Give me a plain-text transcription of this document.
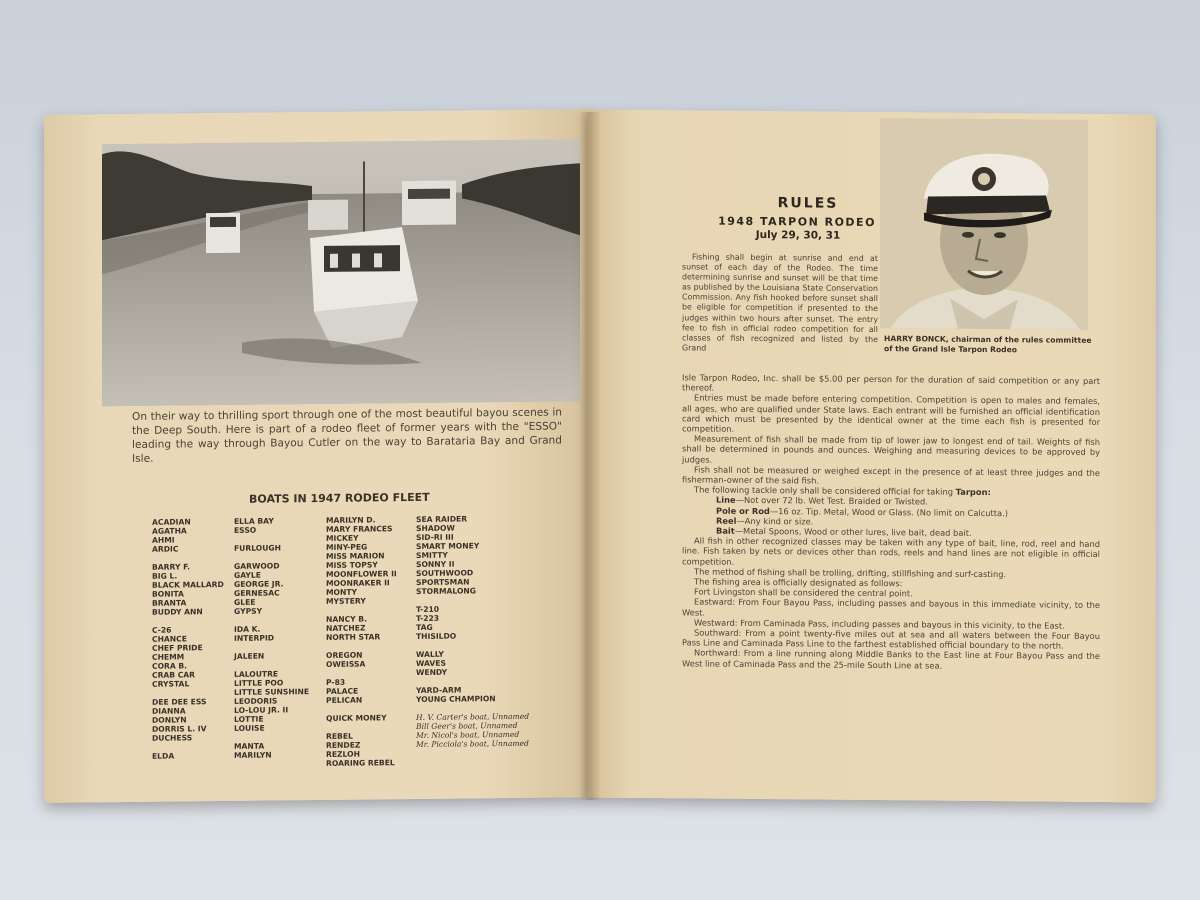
On their way to thrilling sport through one of the most beautiful bayou scenes in the Deep South. Here is part of a rodeo fleet of former years with the "ESSO" leading the way through Bayou Cutler on the way to Barataria Bay and Grand Isle.
BOATS IN 1947 RODEO FLEET
ACADIAN
AGATHA
AHMI
ARDIC
BARRY F.
BIG L.
BLACK MALLARD
BONITA
BRANTA
BUDDY ANN
C-26
CHANCE
CHEF PRIDE
CHEMM
CORA B.
CRAB CAR
CRYSTAL
DEE DEE ESS
DIANNA
DONLYN
DORRIS L. IV
DUCHESS
ELDA
ELLA BAY
ESSO
FURLOUGH
GARWOOD
GAYLE
GEORGE JR.
GERNESAC
GLEE
GYPSY
IDA K.
INTERPID
JALEEN
LALOUTRE
LITTLE POO
LITTLE SUNSHINE
LEODORIS
LO-LOU JR. II
LOTTIE
LOUISE
MANTA
MARILYN
MARILYN D.
MARY FRANCES
MICKEY
MINY-PEG
MISS MARION
MISS TOPSY
MOONFLOWER II
MOONRAKER II
MONTY
MYSTERY
NANCY B.
NATCHEZ
NORTH STAR
OREGON
OWEISSA
P-83
PALACE
PELICAN
QUICK MONEY
REBEL
RENDEZ
REZLOH
ROARING REBEL
SEA RAIDER
SHADOW
SID-RI III
SMART MONEY
SMITTY
SONNY II
SOUTHWOOD
SPORTSMAN
STORMALONG
T-210
T-223
TAG
THISILDO
WALLY
WAVES
WENDY
YARD-ARM
YOUNG CHAMPION
H. V. Carter's boat, Unnamed
Bill Geer's boat, Unnamed
Mr. Nicol's boat, Unnamed
Mr. Picciola's boat, Unnamed
RULES
1948 TARPON RODEO
July 29, 30, 31
HARRY BONCK, chairman of the rules committee of the Grand Isle Tarpon Rodeo
Fishing shall begin at sunrise and end at sunset of each day of the Rodeo. The time determining sunrise and sunset will be that time as published by the Louisiana State Conservation Commission. Any fish hooked before sunset shall be eligible for competition if presented to the judges within two hours after sunset. The entry fee to fish in official rodeo competition for all classes of fish recognized and listed by the Grand

Isle Tarpon Rodeo, Inc. shall be $5.00 per person for the duration of said competition or any part thereof.

Entries must be made before entering competition. Competition is open to males and females, all ages, who are qualified under State laws. Each entrant will be furnished an official identification card which must be presented by the identical owner at the time each fish is presented for competition.

Measurement of fish shall be made from tip of lower jaw to longest end of tail. Weights of fish shall be determined in pounds and ounces. Weighing and measuring devices to be approved by judges.

Fish shall not be measured or weighed except in the presence of at least three judges and the fisherman-owner of the said fish.

The following tackle only shall be considered official for taking Tarpon:

Line—Not over 72 lb. Wet Test. Braided or Twisted.

Pole or Rod—16 oz. Tip. Metal, Wood or Glass. (No limit on Calcutta.)

Reel—Any kind or size.

Bait—Metal Spoons, Wood or other lures, live bait, dead bait.

All fish in other recognized classes may be taken with any type of bait, line, rod, reel and hand line. Fish taken by nets or devices other than rods, reels and hand lines are not eligible in official competition.

The method of fishing shall be trolling, drifting, stillfishing and surf-casting.

The fishing area is officially designated as follows:

Fort Livingston shall be considered the central point.

Eastward: From Four Bayou Pass, including passes and bayous in this immediate vicinity, to the West.

Westward: From Caminada Pass, including passes and bayous in this vicinity, to the East.

Southward: From a point twenty-five miles out at sea and all waters between the Four Bayou Pass Line and Caminada Pass Line to the farthest established official boundary to the north.

Northward: From a line running along Middle Banks to the East line at Four Bayou Pass and the West line of Caminada Pass and the 25-mile South Line at sea.
